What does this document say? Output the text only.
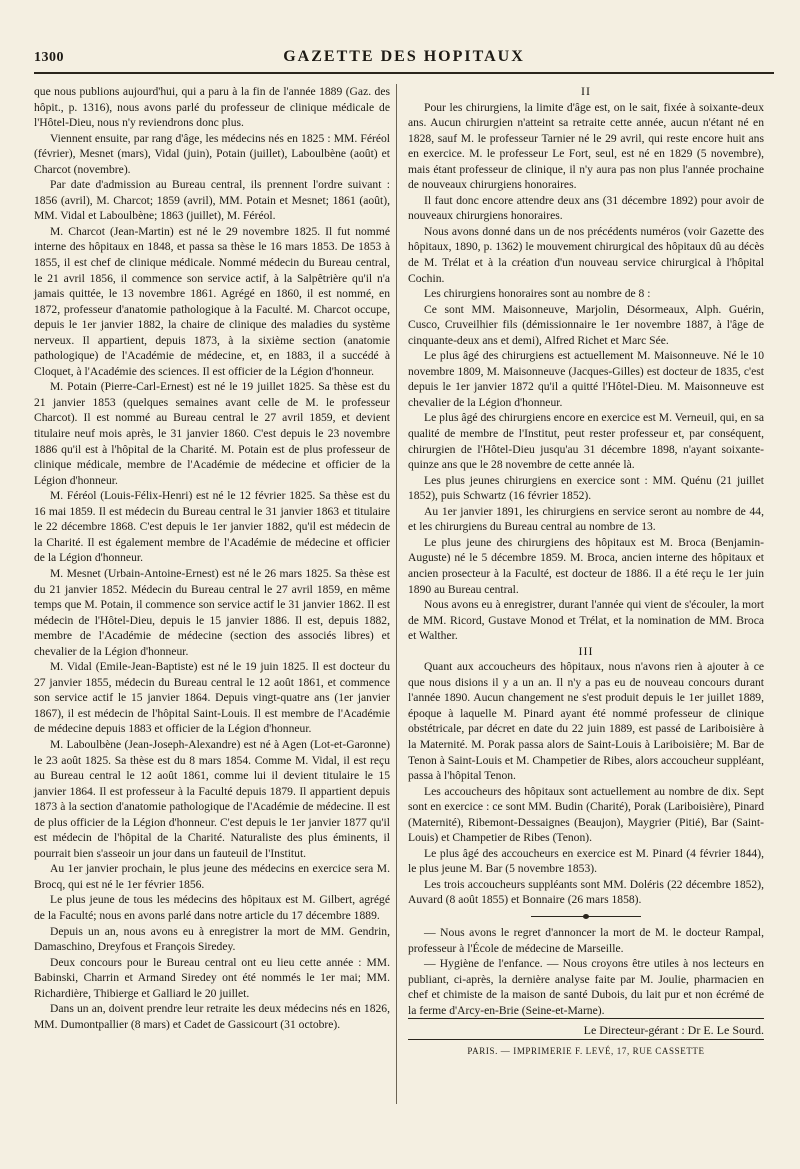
1300	GAZETTE DES HOPITAUX

que nous publions aujourd'hui, qui a paru à la fin de l'année 1889 (Gaz. des hôpit., p. 1316), nous avons parlé du professeur de clinique médicale de l'Hôtel-Dieu, nous n'y reviendrons donc plus.

Viennent ensuite, par rang d'âge, les médecins nés en 1825 : MM. Féréol (février), Mesnet (mars), Vidal (juin), Potain (juillet), Laboulbène (août) et Charcot (novembre).

Par date d'admission au Bureau central, ils prennent l'ordre suivant : 1856 (avril), M. Charcot; 1859 (avril), MM. Potain et Mesnet; 1861 (août), MM. Vidal et Laboulbène; 1863 (juillet), M. Féréol.

M. Charcot (Jean-Martin) est né le 29 novembre 1825. Il fut nommé interne des hôpitaux en 1848, et passa sa thèse le 16 mars 1853. De 1853 à 1855, il est chef de clinique médicale. Nommé médecin du Bureau central, le 21 avril 1856, il commence son service actif, à la Salpêtrière qu'il n'a jamais quittée, le 13 novembre 1861. Agrégé en 1860, il est nommé, en 1872, professeur d'anatomie pathologique à la Faculté. M. Charcot occupe, depuis le 1er janvier 1882, la chaire de clinique des maladies du système nerveux. Il appartient, depuis 1873, à la sixième section (anatomie pathologique) de l'Académie de médecine, et, en 1883, il a succédé à Cloquet, à l'Académie des sciences. Il est officier de la Légion d'honneur.

M. Potain (Pierre-Carl-Ernest) est né le 19 juillet 1825. Sa thèse est du 21 janvier 1853 (quelques semaines avant celle de M. le professeur Charcot). Il est nommé au Bureau central le 27 avril 1859, et devient titulaire neuf mois après, le 31 janvier 1860. C'est depuis le 23 novembre 1886 qu'il est à l'hôpital de la Charité. M. Potain est de plus professeur de clinique médicale, membre de l'Académie de médecine et officier de la Légion d'honneur.

M. Féréol (Louis-Félix-Henri) est né le 12 février 1825. Sa thèse est du 16 mai 1859. Il est médecin du Bureau central le 31 janvier 1863 et titulaire le 22 décembre 1868. C'est depuis le 1er janvier 1882, qu'il est médecin de la Charité. Il est également membre de l'Académie de médecine et officier de la Légion d'honneur.

M. Mesnet (Urbain-Antoine-Ernest) est né le 26 mars 1825. Sa thèse est du 21 janvier 1852. Médecin du Bureau central le 27 avril 1859, en même temps que M. Potain, il commence son service actif le 31 janvier 1862. Il est médecin de l'Hôtel-Dieu, depuis le 15 janvier 1886. Il est, depuis 1882, membre de l'Académie de médecine (section des associés libres) et chevalier de la Légion d'honneur.

M. Vidal (Emile-Jean-Baptiste) est né le 19 juin 1825. Il est docteur du 27 janvier 1855, médecin du Bureau central le 12 août 1861, et commence son service actif le 15 janvier 1864. Depuis vingt-quatre ans (1er janvier 1867), il est médecin de l'hôpital Saint-Louis. Il est membre de l'Académie de médecine depuis 1883 et officier de la Légion d'honneur.

M. Laboulbène (Jean-Joseph-Alexandre) est né à Agen (Lot-et-Garonne) le 23 août 1825. Sa thèse est du 8 mars 1854. Comme M. Vidal, il est reçu au Bureau central le 12 août 1861, comme lui il devient titulaire le 15 janvier 1864. Il est professeur à la Faculté depuis 1879. Il appartient depuis 1873 à la section d'anatomie pathologique de l'Académie de médecine. Il est de plus officier de la Légion d'honneur. C'est depuis le 1er janvier 1877 qu'il est médecin de l'hôpital de la Charité. Naturaliste des plus éminents, il pourrait bien s'asseoir un jour dans un fauteuil de l'Institut.

Au 1er janvier prochain, le plus jeune des médecins en exercice sera M. Brocq, qui est né le 1er février 1856.

Le plus jeune de tous les médecins des hôpitaux est M. Gilbert, agrégé de la Faculté; nous en avons parlé dans notre article du 17 décembre 1889.

Depuis un an, nous avons eu à enregistrer la mort de MM. Gendrin, Damaschino, Dreyfous et François Siredey.

Deux concours pour le Bureau central ont eu lieu cette année : MM. Babinski, Charrin et Armand Siredey ont été nommés le 1er mai; MM. Richardière, Thibierge et Galliard le 20 juillet.

Dans un an, doivent prendre leur retraite les deux médecins nés en 1826, MM. Dumontpallier (8 mars) et Cadet de Gassicourt (31 octobre).

II

Pour les chirurgiens, la limite d'âge est, on le sait, fixée à soixante-deux ans. Aucun chirurgien n'atteint sa retraite cette année, aucun n'étant né en 1828, sauf M. le professeur Tarnier né le 29 avril, qui reste encore huit ans en exercice. M. le professeur Le Fort, seul, est né en 1829 (5 novembre), mais étant professeur de clinique, il n'y aura pas non plus l'année prochaine de nouveaux chirurgiens honoraires.

Il faut donc encore attendre deux ans (31 décembre 1892) pour avoir de nouveaux chirurgiens honoraires.

Nous avons donné dans un de nos précédents numéros (voir Gazette des hôpitaux, 1890, p. 1362) le mouvement chirurgical des hôpitaux dû au décès de M. Trélat et à la création d'un nouveau service chirurgical à l'hôpital Cochin.

Les chirurgiens honoraires sont au nombre de 8 :

Ce sont MM. Maisonneuve, Marjolin, Désormeaux, Alph. Guérin, Cusco, Cruveilhier fils (démissionnaire le 1er novembre 1887, à l'âge de cinquante-deux ans et demi), Alfred Richet et Marc Sée.

Le plus âgé des chirurgiens est actuellement M. Maisonneuve. Né le 10 novembre 1809, M. Maisonneuve (Jacques-Gilles) est docteur de 1835, c'est depuis le 1er janvier 1872 qu'il a quitté l'Hôtel-Dieu. M. Maisonneuve est chevalier de la Légion d'honneur.

Le plus âgé des chirurgiens encore en exercice est M. Verneuil, qui, en sa qualité de membre de l'Institut, peut rester professeur et, par conséquent, chirurgien de l'Hôtel-Dieu jusqu'au 31 décembre 1898, n'ayant soixante-quinze ans que le 28 novembre de cette année là.

Les plus jeunes chirurgiens en exercice sont : MM. Quénu (21 juillet 1852), puis Schwartz (16 février 1852).

Au 1er janvier 1891, les chirurgiens en service seront au nombre de 44, et les chirurgiens du Bureau central au nombre de 13.

Le plus jeune des chirurgiens des hôpitaux est M. Broca (Benjamin-Auguste) né le 5 décembre 1859. M. Broca, ancien interne des hôpitaux et ancien prosecteur à la Faculté, est docteur de 1886. Il a été reçu le 1er juin 1890 au Bureau central.

Nous avons eu à enregistrer, durant l'année qui vient de s'écouler, la mort de MM. Ricord, Gustave Monod et Trélat, et la nomination de MM. Broca et Walther.

III

Quant aux accoucheurs des hôpitaux, nous n'avons rien à ajouter à ce que nous disions il y a un an. Il n'y a pas eu de nouveau concours durant l'année 1890. Aucun changement ne s'est produit depuis le 1er juillet 1889, époque à laquelle M. Pinard ayant été nommé professeur de clinique obstétricale, par décret en date du 22 juin 1889, est passé de Lariboisière à la Maternité. M. Porak passa alors de Saint-Louis à Lariboisière; M. Bar de Tenon à Saint-Louis et M. Champetier de Ribes, alors accoucheur suppléant, passa à l'hôpital Tenon.

Les accoucheurs des hôpitaux sont actuellement au nombre de dix. Sept sont en exercice : ce sont MM. Budin (Charité), Porak (Lariboisière), Pinard (Maternité), Ribemont-Dessaignes (Beaujon), Maygrier (Pitié), Bar (Saint-Louis) et Champetier de Ribes (Tenon).

Le plus âgé des accoucheurs en exercice est M. Pinard (4 février 1844), le plus jeune M. Bar (5 novembre 1853).

Les trois accoucheurs suppléants sont MM. Doléris (22 décembre 1852), Auvard (8 août 1855) et Bonnaire (26 mars 1858).

— Nous avons le regret d'annoncer la mort de M. le docteur Rampal, professeur à l'École de médecine de Marseille.

— Hygiène de l'enfance. — Nous croyons être utiles à nos lecteurs en publiant, ci-après, la dernière analyse faite par M. Joulie, pharmacien en chef et chimiste de la maison de santé Dubois, du lait pur et non écrémé de la ferme d'Arcy-en-Brie (Seine-et-Marne).

Le Directeur-gérant : Dr E. Le Sourd.

PARIS. — IMPRIMERIE F. LEVÉ, 17, RUE CASSETTE
